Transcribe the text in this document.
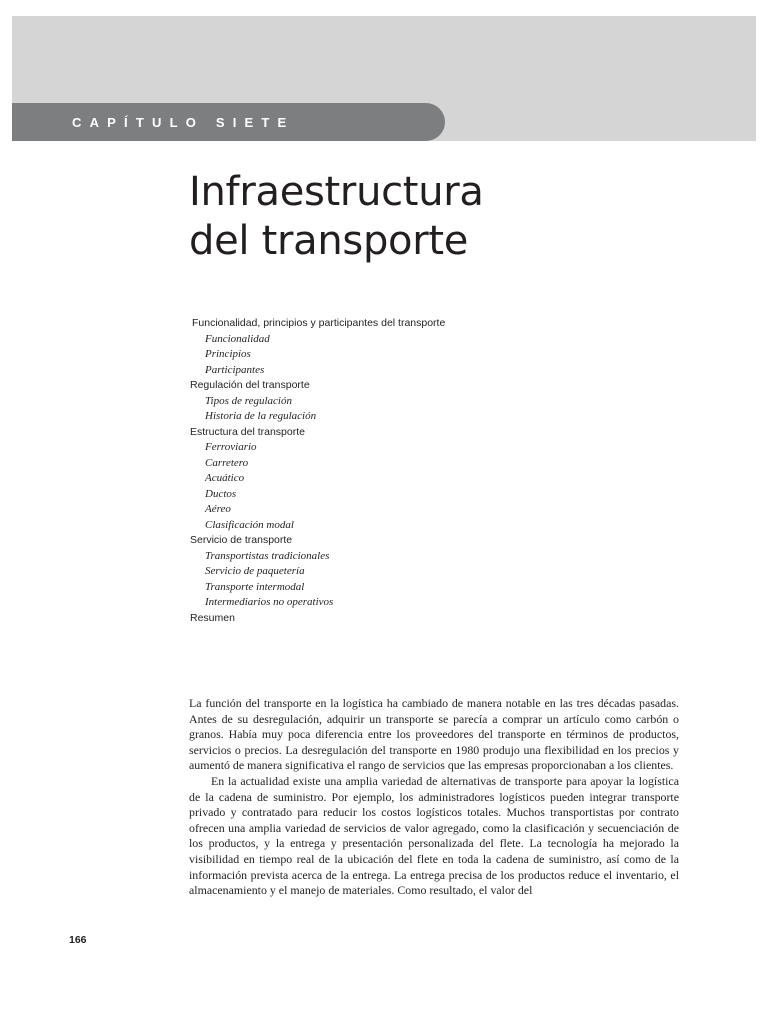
CAPÍTULO SIETE
Infraestructura
del transporte
Funcionalidad, principios y participantes del transporte
Funcionalidad
Principios
Participantes
Regulación del transporte
Tipos de regulación
Historia de la regulación
Estructura del transporte
Ferroviario
Carretero
Acuático
Ductos
Aéreo
Clasificación modal
Servicio de transporte
Transportistas tradicionales
Servicio de paquetería
Transporte intermodal
Intermediarios no operativos
Resumen

La función del transporte en la logística ha cambiado de manera notable en las tres décadas pasadas. Antes de su desregulación, adquirir un transporte se parecía a comprar un artículo como carbón o granos. Había muy poca diferencia entre los proveedores del transporte en términos de productos, servicios o precios. La desregulación del transporte en 1980 produjo una flexibilidad en los precios y aumentó de manera significativa el rango de servicios que las empresas proporcionaban a los clientes.

En la actualidad existe una amplia variedad de alternativas de transporte para apoyar la logística de la cadena de suministro. Por ejemplo, los administradores logísticos pueden integrar transporte privado y contratado para reducir los costos logísticos totales. Muchos transportistas por contrato ofrecen una amplia variedad de servicios de valor agregado, como la clasificación y secuenciación de los productos, y la entrega y presentación personalizada del flete. La tecnología ha mejorado la visibilidad en tiempo real de la ubicación del flete en toda la cadena de suministro, así como de la información prevista acerca de la entrega. La entrega precisa de los productos reduce el inventario, el almacenamiento y el manejo de materiales. Como resultado, el valor del

166
